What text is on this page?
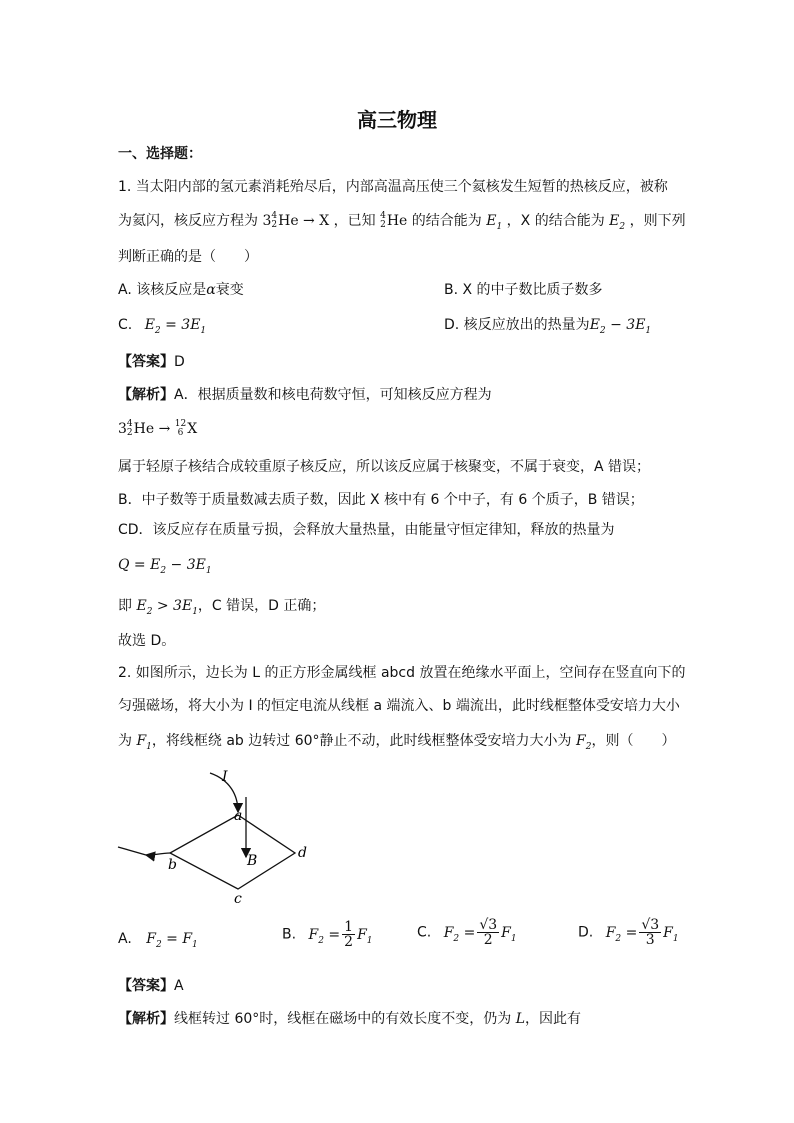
高三物理
一、选择题：
1. 当太阳内部的氢元素消耗殆尽后，内部高温高压使三个氦核发生短暂的热核反应，被称
为氦闪，核反应方程为 3 4
2 He → X ，已知 4
2 He 的结合能为 $E_1$ ，X 的结合能为 $E_2$ ，则下列
判断正确的是（　　）
A. 该核反应是α衰变	B. X 的中子数比质子数多
C. $E_2 = 3E_1$	D. 核反应放出的热量为$E_2 - 3E_1$
【答案】D
【解析】A．根据质量数和核电荷数守恒，可知核反应方程为
3 4
2 He → 12
6 X
属于轻原子核结合成较重原子核反应，所以该反应属于核聚变，不属于衰变，A 错误；
B．中子数等于质量数减去质子数，因此 X 核中有 6 个中子，有 6 个质子，B 错误；
CD．该反应存在质量亏损，会释放大量热量，由能量守恒定律知，释放的热量为
$Q = E_2 - 3E_1$
即 $E_2 > 3E_1$，C 错误，D 正确；
故选 D。
2. 如图所示，边长为 L 的正方形金属线框 abcd 放置在绝缘水平面上，空间存在竖直向下的
匀强磁场，将大小为 I 的恒定电流从线框 a 端流入、b 端流出，此时线框整体受安培力大小
为 $F_1$，将线框绕 ab 边转过 60°静止不动，此时线框整体受安培力大小为 $F_2$，则（　　）
I
a
B
b
c
d
A. $F_2 = F_1$
B. $F_2 = \frac{1}{2} F_1$	C. $F_2 = \frac{√3}{2} F_1$	D. $F_2 = \frac{√3}{3} F_1$
【答案】A
【解析】线框转过 60°时，线框在磁场中的有效长度不变，仍为 L，因此有
